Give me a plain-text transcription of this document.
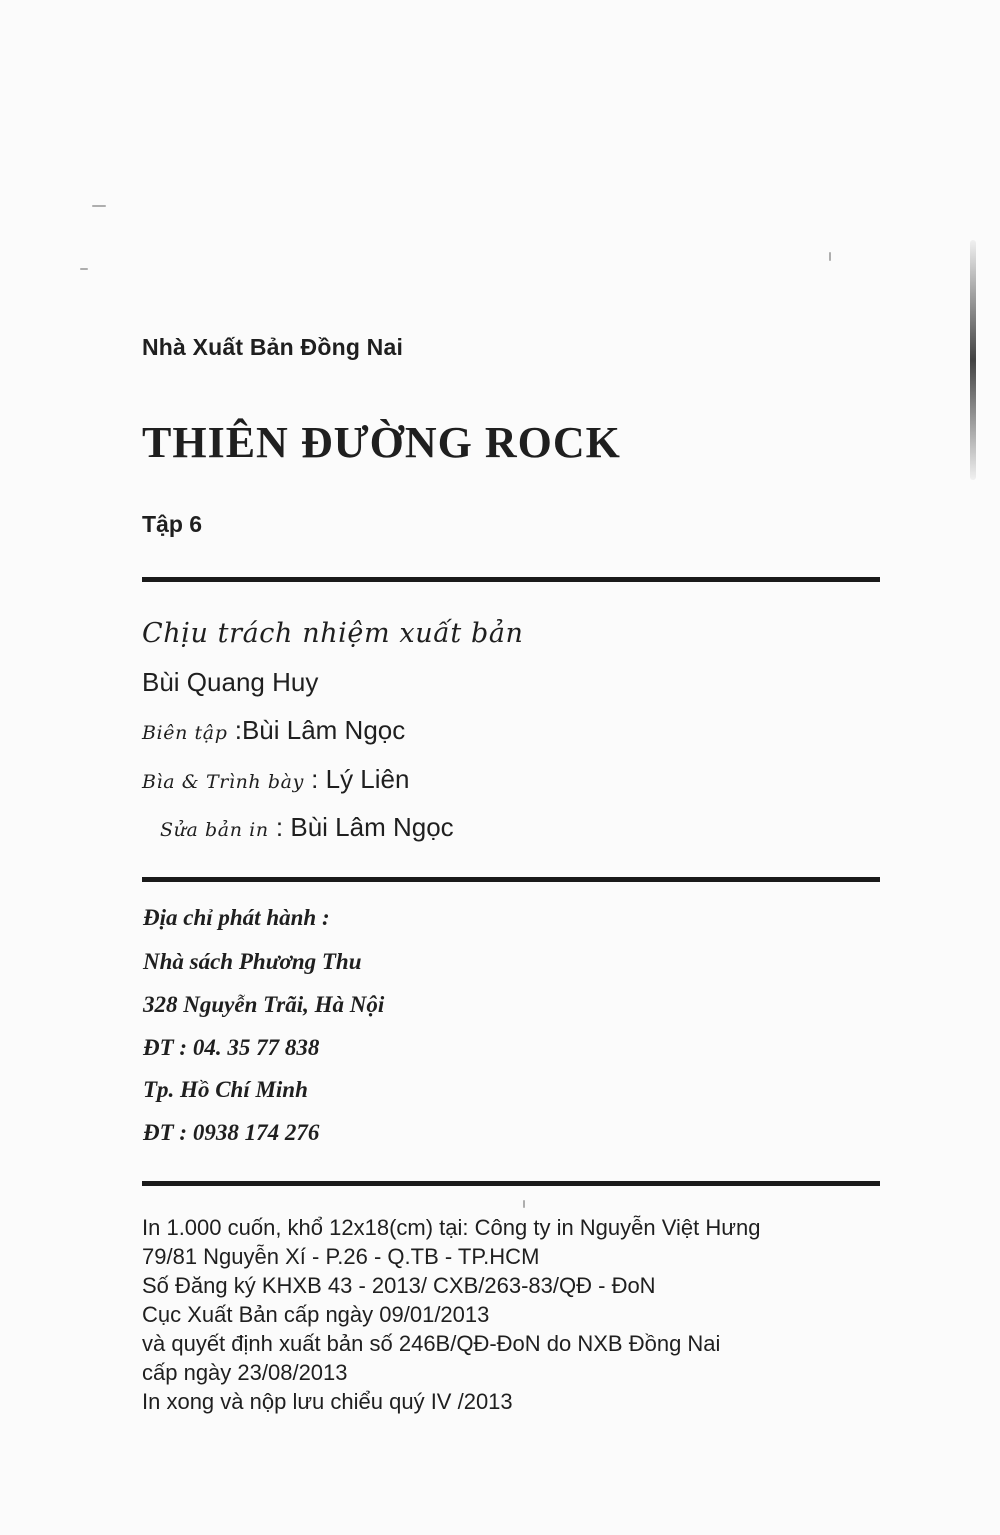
Nhà Xuất Bản Đồng Nai
THIÊN ĐƯỜNG ROCK
Tập 6
Chịu trách nhiệm xuất bản
Bùi Quang Huy
Biên tập :Bùi Lâm Ngọc
Bìa & Trình bày : Lý Liên
Sửa bản in : Bùi Lâm Ngọc
Địa chỉ phát hành :
Nhà sách Phương Thu
328 Nguyễn Trãi, Hà Nội
ĐT : 04. 35 77 838
Tp. Hồ Chí Minh
ĐT : 0938 174 276
In 1.000 cuốn, khổ 12x18(cm) tại: Công ty in Nguyễn Việt Hưng
79/81 Nguyễn Xí - P.26 - Q.TB - TP.HCM
Số Đăng ký KHXB 43 - 2013/ CXB/263-83/QĐ - ĐoN
Cục Xuất Bản cấp ngày 09/01/2013
và quyết định xuất bản số 246B/QĐ-ĐoN do NXB Đồng Nai
cấp ngày 23/08/2013
In xong và nộp lưu chiểu quý IV /2013
